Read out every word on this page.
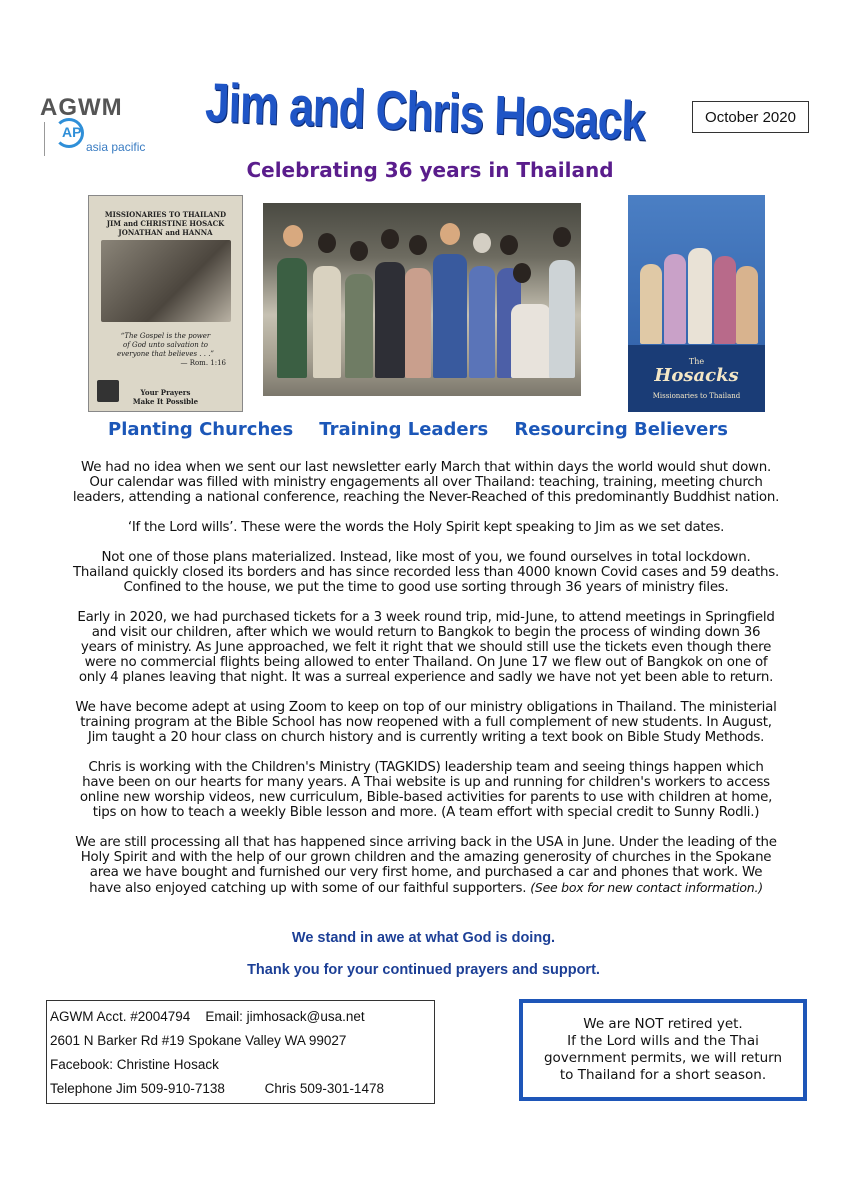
AGWM
AP
asia pacific Jim and Chris Hosack	October 2020
Celebrating 36 years in Thailand
MISSIONARIES TO THAILAND
JIM and CHRISTINE HOSACK
JONATHAN and HANNA
“The Gospel is the power
of God unto salvation to
everyone that believes . . .”
— Rom. 1:16
Your Prayers
Make It Possible
The
Hosacks
Missionaries to Thailand
Planting Churches Training Leaders Resourcing Believers

We had no idea when we sent our last newsletter early March that within days the world would shut down.
Our calendar was filled with ministry engagements all over Thailand: teaching, training, meeting church
leaders, attending a national conference, reaching the Never-Reached of this predominantly Buddhist nation.

‘If the Lord wills’. These were the words the Holy Spirit kept speaking to Jim as we set dates.

Not one of those plans materialized. Instead, like most of you, we found ourselves in total lockdown.
Thailand quickly closed its borders and has since recorded less than 4000 known Covid cases and 59 deaths.
Confined to the house, we put the time to good use sorting through 36 years of ministry files.

Early in 2020, we had purchased tickets for a 3 week round trip, mid-June, to attend meetings in Springfield
and visit our children, after which we would return to Bangkok to begin the process of winding down 36
years of ministry. As June approached, we felt it right that we should still use the tickets even though there
were no commercial flights being allowed to enter Thailand. On June 17 we flew out of Bangkok on one of
only 4 planes leaving that night. It was a surreal experience and sadly we have not yet been able to return.

We have become adept at using Zoom to keep on top of our ministry obligations in Thailand. The ministerial
training program at the Bible School has now reopened with a full complement of new students. In August,
Jim taught a 20 hour class on church history and is currently writing a text book on Bible Study Methods.

Chris is working with the Children's Ministry (TAGKIDS) leadership team and seeing things happen which
have been on our hearts for many years. A Thai website is up and running for children's workers to access
online new worship videos, new curriculum, Bible-based activities for parents to use with children at home,
tips on how to teach a weekly Bible lesson and more. (A team effort with special credit to Sunny Rodli.)

We are still processing all that has happened since arriving back in the USA in June. Under the leading of the
Holy Spirit and with the help of our grown children and the amazing generosity of churches in the Spokane
area we have bought and furnished our very first home, and purchased a car and phones that work. We
have also enjoyed catching up with some of our faithful supporters. (See box for new contact information.)

We stand in awe at what God is doing.
Thank you for your continued prayers and support.
AGWM Acct. #2004794 Email: jimhosack@usa.net
2601 N Barker Rd #19 Spokane Valley WA 99027
Facebook: Christine Hosack
Telephone Jim 509-910-7138	Chris 509-301-1478
We are NOT retired yet.
If the Lord wills and the Thai
government permits, we will return
to Thailand for a short season.
